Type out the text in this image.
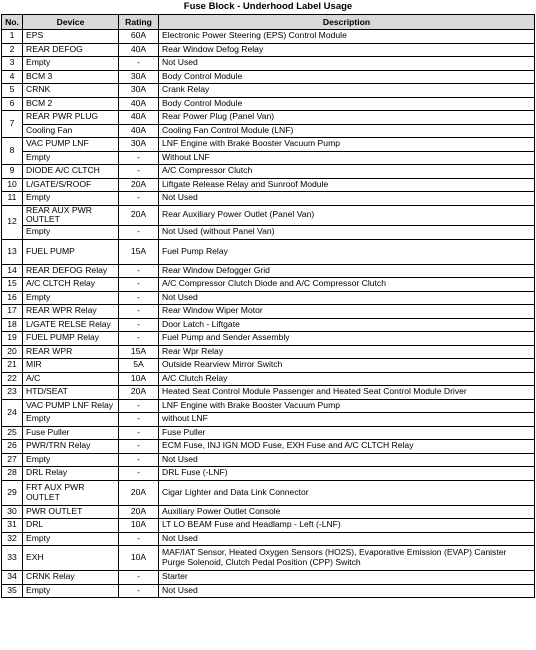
Fuse Block - Underhood Label Usage
No.	Device	Rating	Description
1	EPS	60A	Electronic Power Steering (EPS) Control Module
2	REAR DEFOG	40A	Rear Window Defog Relay
3	Empty	-	Not Used
4	BCM 3	30A	Body Control Module
5	CRNK	30A	Crank Relay
6	BCM 2	40A	Body Control Module
7	REAR PWR PLUG	40A	Rear Power Plug (Panel Van)
	Cooling Fan	40A	Cooling Fan Control Module (LNF)
8	VAC PUMP LNF	30A	LNF Engine with Brake Booster Vacuum Pump
	Empty	-	Without LNF
9	DIODE A/C CLTCH	-	A/C Compressor Clutch
10	L/GATE/S/ROOF	20A	Liftgate Release Relay and Sunroof Module
11	Empty	-	Not Used
12	REAR AUX PWR OUTLET	20A	Rear Auxiliary Power Outlet (Panel Van)
	Empty	-	Not Used (without Panel Van)
13	FUEL PUMP	15A	Fuel Pump Relay
14	REAR DEFOG Relay	-	Rear Window Defogger Grid
15	A/C CLTCH Relay	-	A/C Compressor Clutch Diode and A/C Compressor Clutch
16	Empty	-	Not Used
17	REAR WPR Relay	-	Rear Window Wiper Motor
18	L/GATE RELSE Relay	-	Door Latch - Liftgate
19	FUEL PUMP Relay	-	Fuel Pump and Sender Assembly
20	REAR WPR	15A	Rear Wpr Relay
21	MIR	5A	Outside Rearview Mirror Switch
22	A/C	10A	A/C Clutch Relay
23	HTD/SEAT	20A	Heated Seat Control Module Passenger and Heated Seat Control Module Driver
24	VAC PUMP LNF Relay	-	LNF Engine with Brake Booster Vacuum Pump
	Empty	-	without LNF
25	Fuse Puller	-	Fuse Puller
26	PWR/TRN Relay	-	ECM Fuse, INJ IGN MOD Fuse, EXH Fuse and A/C CLTCH Relay
27	Empty	-	Not Used
28	DRL Relay	-	DRL Fuse (-LNF)
29	FRT AUX PWR OUTLET	20A	Cigar Lighter and Data Link Connector
30	PWR OUTLET	20A	Auxiliary Power Outlet Console
31	DRL	10A	LT LO BEAM Fuse and Headlamp - Left (-LNF)
32	Empty	-	Not Used
33	EXH	10A	MAF/IAT Sensor, Heated Oxygen Sensors (HO2S), Evaporative Emission (EVAP) Canister Purge Solenoid, Clutch Pedal Position (CPP) Switch
34	CRNK Relay	-	Starter
35	Empty	-	Not Used
